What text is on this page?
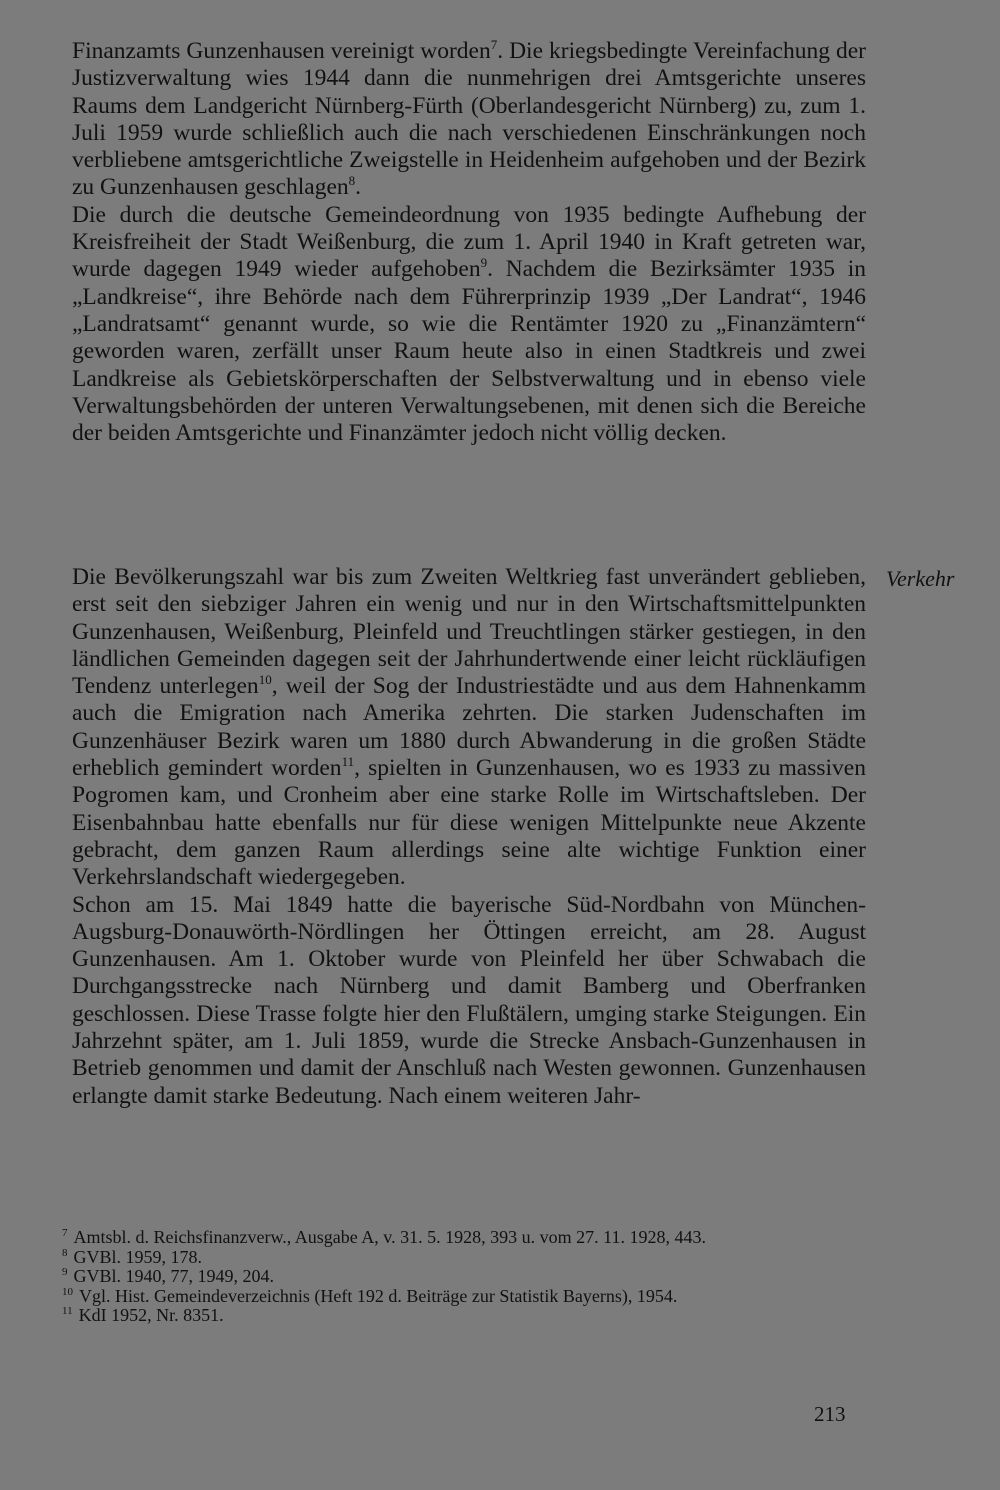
Finanzamts Gunzenhausen vereinigt worden$^7$. Die kriegsbedingte Vereinfachung der Justizverwaltung wies 1944 dann die nunmehrigen drei Amtsgerichte unseres Raums dem Landgericht Nürnberg-Fürth (Oberlandesgericht Nürnberg) zu, zum 1. Juli 1959 wurde schließlich auch die nach verschiedenen Einschränkungen noch verbliebene amtsgerichtliche Zweigstelle in Heidenheim aufgehoben und der Bezirk zu Gunzenhausen geschlagen$^8$.

Die durch die deutsche Gemeindeordnung von 1935 bedingte Aufhebung der Kreisfreiheit der Stadt Weißenburg, die zum 1. April 1940 in Kraft getreten war, wurde dagegen 1949 wieder aufgehoben$^9$. Nachdem die Bezirksämter 1935 in „Landkreise“, ihre Behörde nach dem Führerprinzip 1939 „Der Landrat“, 1946 „Landratsamt“ genannt wurde, so wie die Rentämter 1920 zu „Finanzämtern“ geworden waren, zerfällt unser Raum heute also in einen Stadtkreis und zwei Landkreise als Gebietskörperschaften der Selbstverwaltung und in ebenso viele Verwaltungsbehörden der unteren Verwaltungsebenen, mit denen sich die Bereiche der beiden Amtsgerichte und Finanzämter jedoch nicht völlig decken.

Verkehr

Die Bevölkerungszahl war bis zum Zweiten Weltkrieg fast unverändert geblieben, erst seit den siebziger Jahren ein wenig und nur in den Wirtschaftsmittelpunkten Gunzenhausen, Weißenburg, Pleinfeld und Treuchtlingen stärker gestiegen, in den ländlichen Gemeinden dagegen seit der Jahrhundertwende einer leicht rückläufigen Tendenz unterlegen$^{10}$, weil der Sog der Industriestädte und aus dem Hahnenkamm auch die Emigration nach Amerika zehrten. Die starken Judenschaften im Gunzenhäuser Bezirk waren um 1880 durch Abwanderung in die großen Städte erheblich gemindert worden$^{11}$, spielten in Gunzenhausen, wo es 1933 zu massiven Pogromen kam, und Cronheim aber eine starke Rolle im Wirtschaftsleben. Der Eisenbahnbau hatte ebenfalls nur für diese wenigen Mittelpunkte neue Akzente gebracht, dem ganzen Raum allerdings seine alte wichtige Funktion einer Verkehrslandschaft wiedergegeben.

Schon am 15. Mai 1849 hatte die bayerische Süd-Nordbahn von München-Augsburg-Donauwörth-Nördlingen her Öttingen erreicht, am 28. August Gunzenhausen. Am 1. Oktober wurde von Pleinfeld her über Schwabach die Durchgangsstrecke nach Nürnberg und damit Bamberg und Oberfranken geschlossen. Diese Trasse folgte hier den Flußtälern, umging starke Steigungen. Ein Jahrzehnt später, am 1. Juli 1859, wurde die Strecke Ansbach-Gunzenhausen in Betrieb genommen und damit der Anschluß nach Westen gewonnen. Gunzenhausen erlangte damit starke Bedeutung. Nach einem weiteren Jahr-

$^7$ Amtsbl. d. Reichsfinanzverw., Ausgabe A, v. 31. 5. 1928, 393 u. vom 27. 11. 1928, 443.

$^8$ GVBl. 1959, 178.

$^9$ GVBl. 1940, 77, 1949, 204.

$^{10}$ Vgl. Hist. Gemeindeverzeichnis (Heft 192 d. Beiträge zur Statistik Bayerns), 1954.

$^{11}$ KdI 1952, Nr. 8351.

213
